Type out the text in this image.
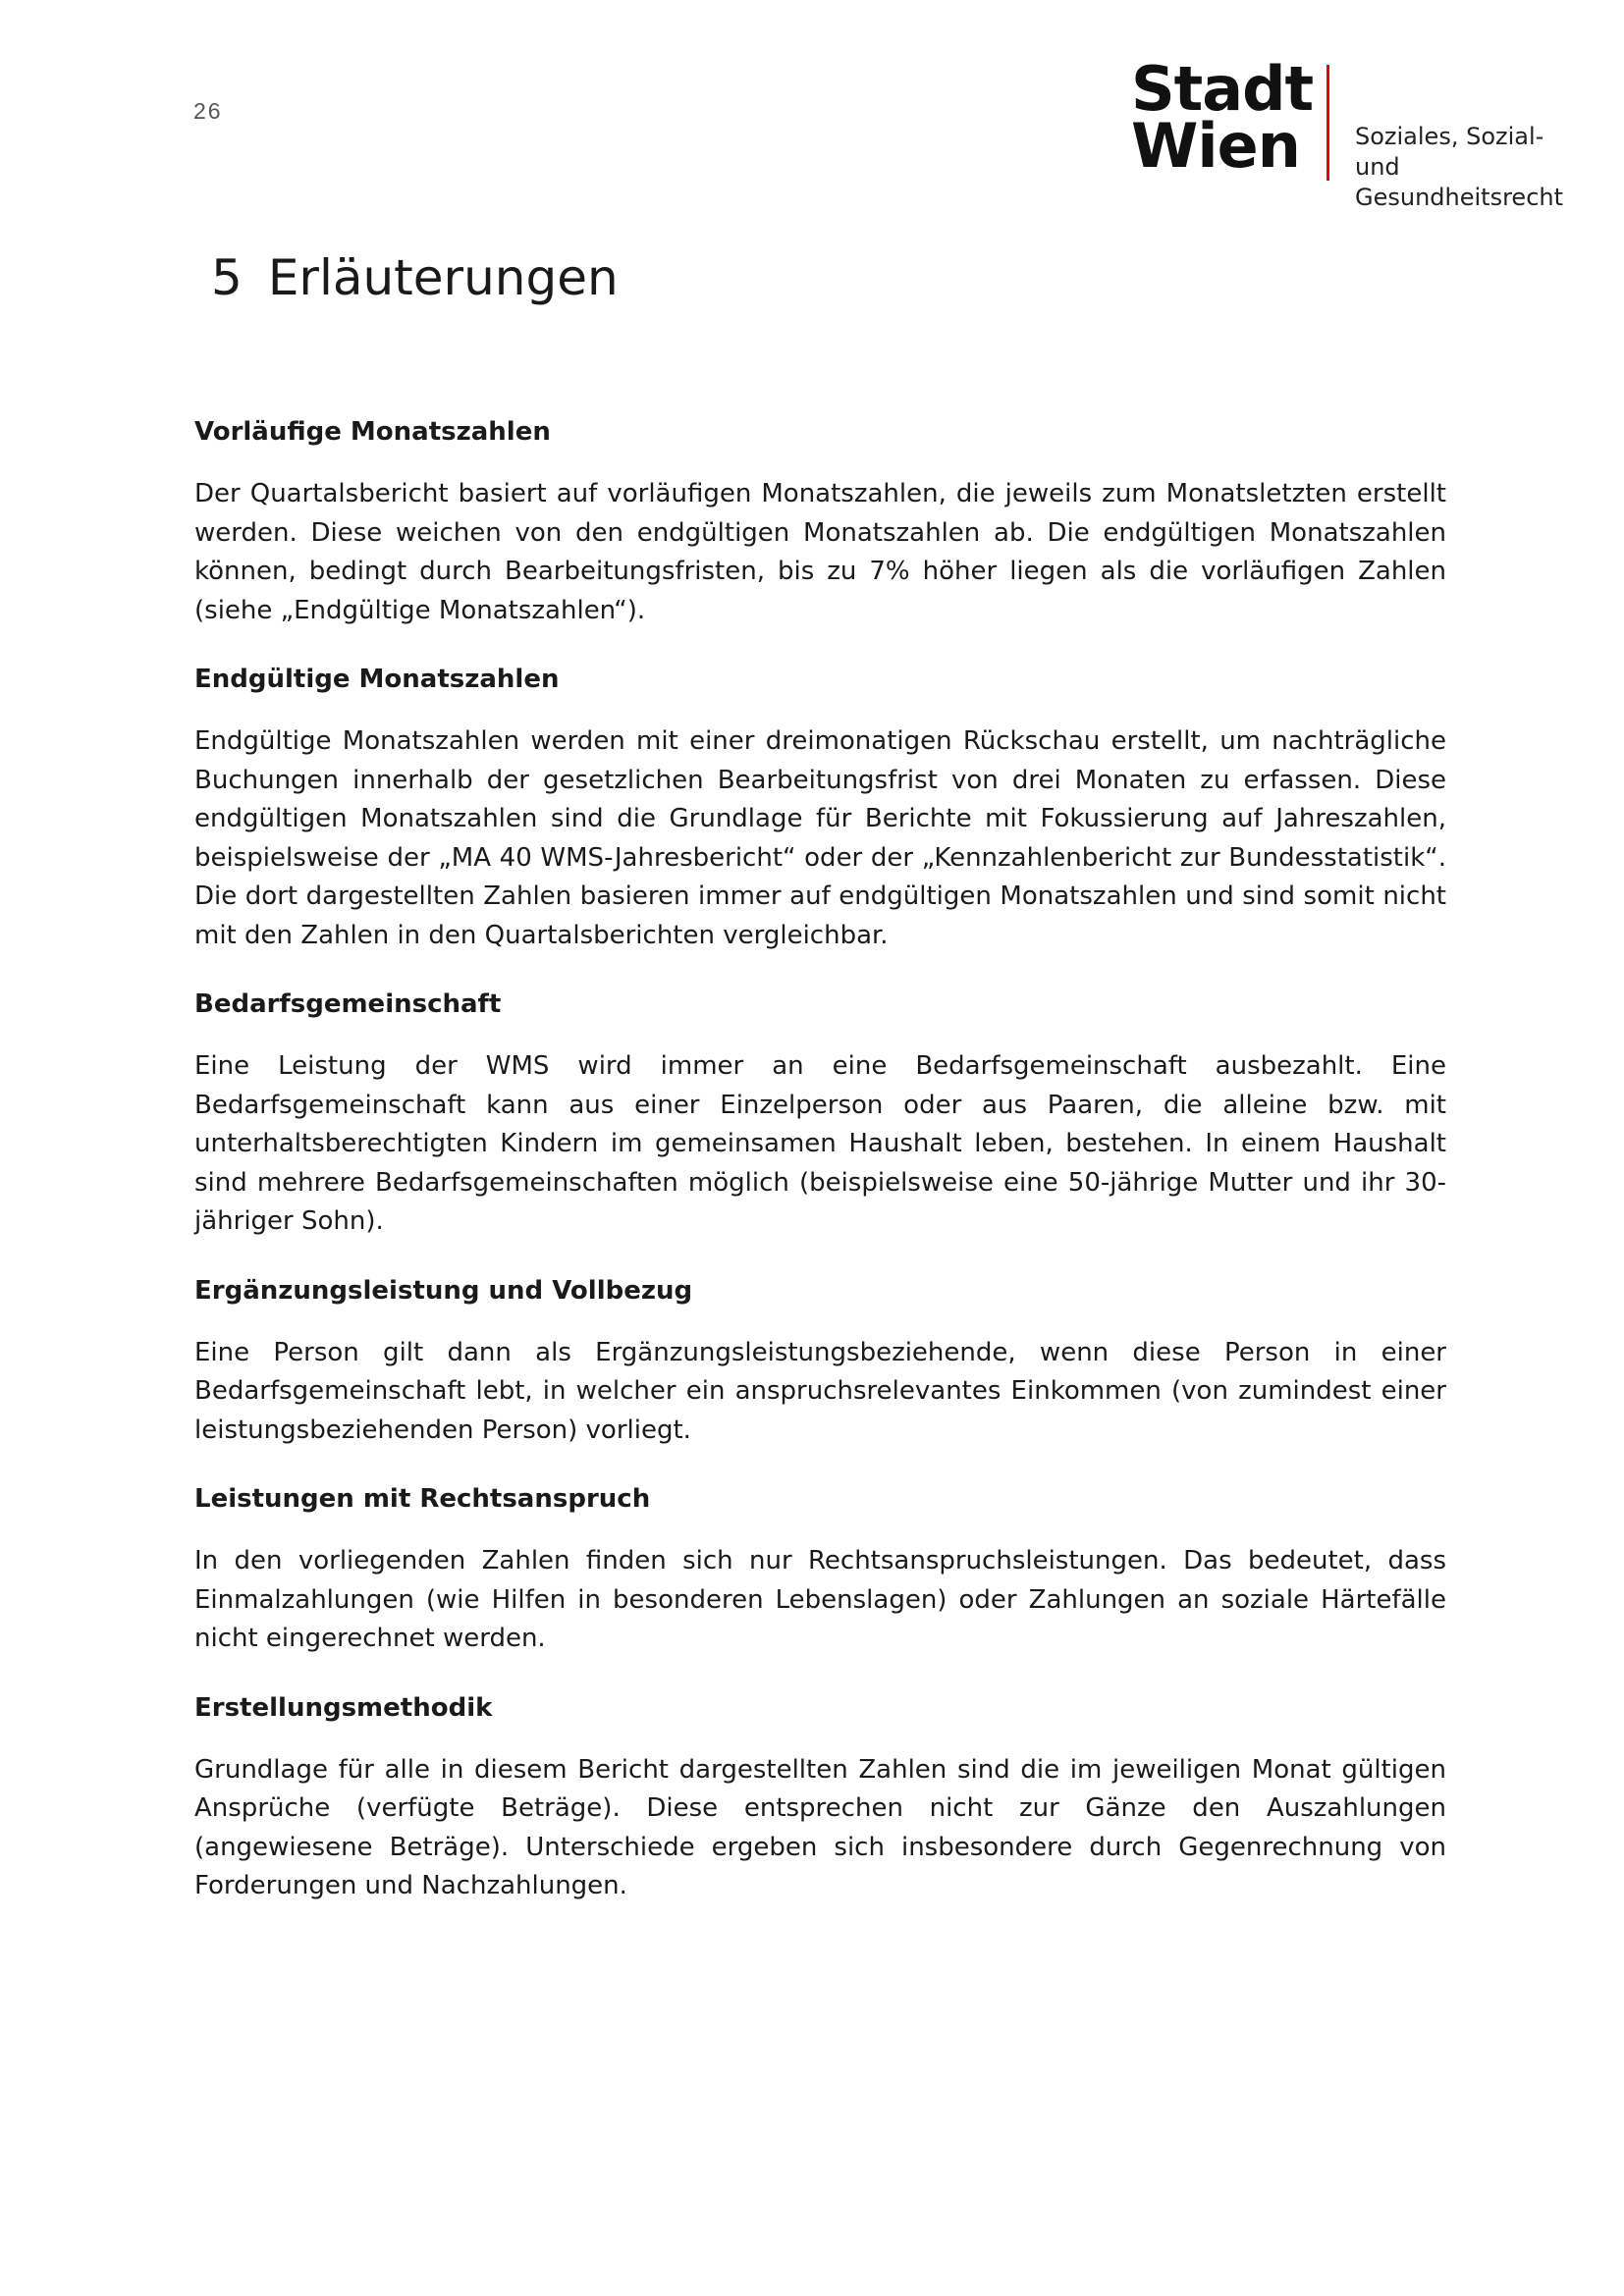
26	Stadt
Wien	Soziales, Sozial- und
Gesundheitsrecht
5 Erläuterungen
Vorläufige Monatszahlen

Der Quartalsbericht basiert auf vorläufigen Monatszahlen, die jeweils zum Monatsletzten erstellt werden. Diese weichen von den endgültigen Monatszahlen ab. Die endgültigen Monatszahlen können, bedingt durch Bearbeitungsfristen, bis zu 7% höher liegen als die vorläufigen Zahlen (siehe „Endgültige Monatszahlen“).

Endgültige Monatszahlen

Endgültige Monatszahlen werden mit einer dreimonatigen Rückschau erstellt, um nachträgliche Buchungen innerhalb der gesetzlichen Bearbeitungsfrist von drei Monaten zu erfassen. Diese endgültigen Monatszahlen sind die Grundlage für Berichte mit Fokussierung auf Jahreszahlen, beispielsweise der „MA 40 WMS-Jahresbericht“ oder der „Kennzahlenbericht zur Bundesstatistik“. Die dort dargestellten Zahlen basieren immer auf endgültigen Monatszahlen und sind somit nicht mit den Zahlen in den Quartalsberichten vergleichbar.

Bedarfsgemeinschaft

Eine Leistung der WMS wird immer an eine Bedarfsgemeinschaft ausbezahlt. Eine Bedarfsgemeinschaft kann aus einer Einzelperson oder aus Paaren, die alleine bzw. mit unterhaltsberechtigten Kindern im gemeinsamen Haushalt leben, bestehen. In einem Haushalt sind mehrere Bedarfsgemeinschaften möglich (beispielsweise eine 50-jährige Mutter und ihr 30-jähriger Sohn).

Ergänzungsleistung und Vollbezug

Eine Person gilt dann als Ergänzungsleistungsbeziehende, wenn diese Person in einer Bedarfsgemeinschaft lebt, in welcher ein anspruchsrelevantes Einkommen (von zumindest einer leistungsbeziehenden Person) vorliegt.

Leistungen mit Rechtsanspruch

In den vorliegenden Zahlen finden sich nur Rechtsanspruchsleistungen. Das bedeutet, dass Einmalzahlungen (wie Hilfen in besonderen Lebenslagen) oder Zahlungen an soziale Härtefälle nicht eingerechnet werden.

Erstellungsmethodik

Grundlage für alle in diesem Bericht dargestellten Zahlen sind die im jeweiligen Monat gültigen Ansprüche (verfügte Beträge). Diese entsprechen nicht zur Gänze den Auszahlungen (angewiesene Beträge). Unterschiede ergeben sich insbesondere durch Gegenrechnung von Forderungen und Nachzahlungen.
